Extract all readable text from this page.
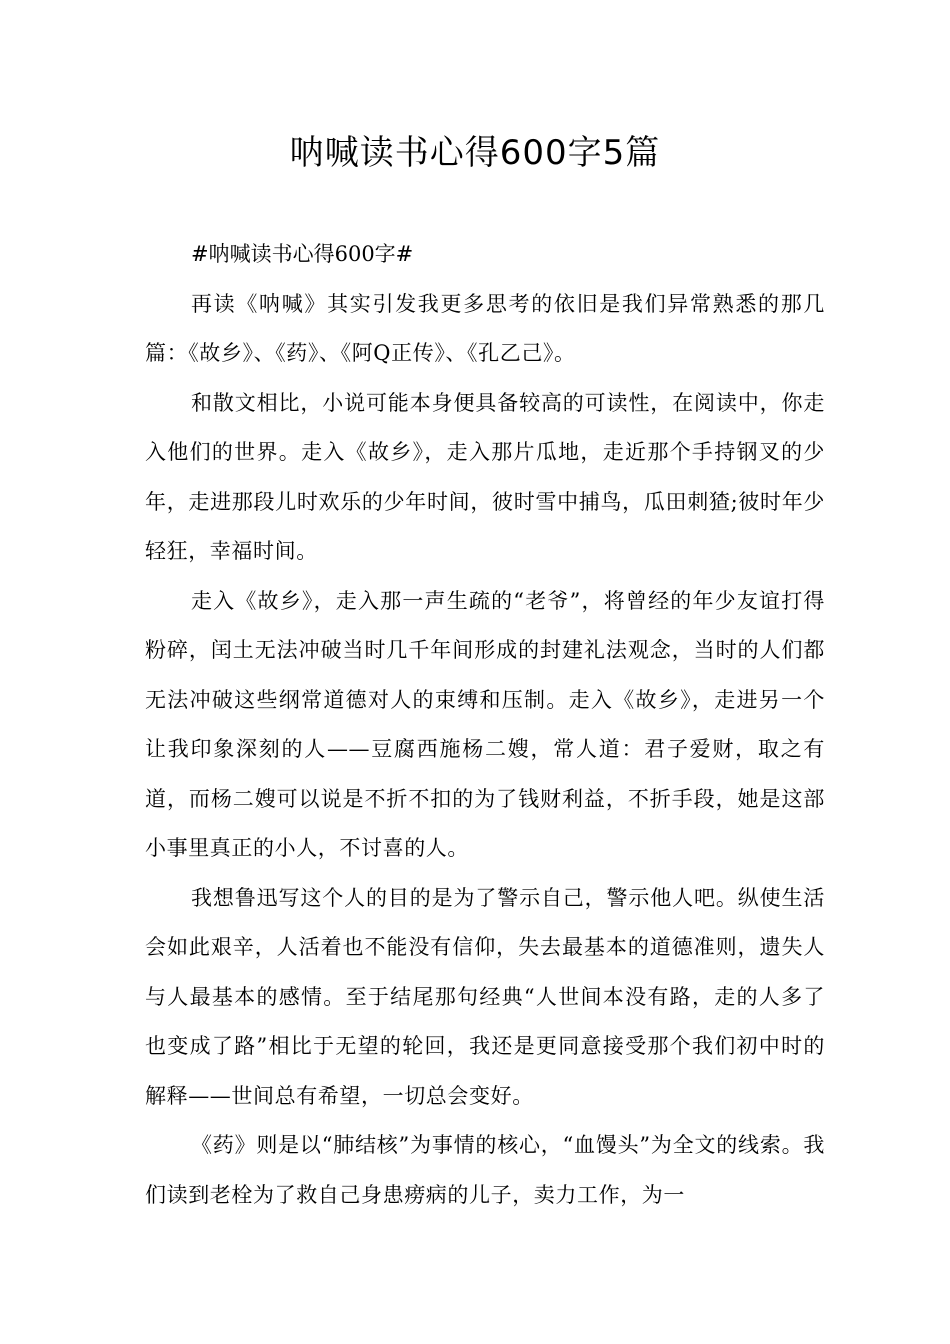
呐喊读书心得600字5篇

#呐喊读书心得600字#

再读《呐喊》其实引发我更多思考的依旧是我们异常熟悉的那几篇：《故乡》、《药》、《阿Q正传》、《孔乙己》。

和散文相比，小说可能本身便具备较高的可读性，在阅读中，你走入他们的世界。走入《故乡》，走入那片瓜地，走近那个手持钢叉的少年，走进那段儿时欢乐的少年时间，彼时雪中捕鸟，瓜田刺猹;彼时年少轻狂，幸福时间。

走入《故乡》，走入那一声生疏的“老爷”，将曾经的年少友谊打得粉碎，闰土无法冲破当时几千年间形成的封建礼法观念，当时的人们都无法冲破这些纲常道德对人的束缚和压制。走入《故乡》，走进另一个让我印象深刻的人——豆腐西施杨二嫂，常人道：君子爱财，取之有道，而杨二嫂可以说是不折不扣的为了钱财利益，不折手段，她是这部小事里真正的小人，不讨喜的人。

我想鲁迅写这个人的目的是为了警示自己，警示他人吧。纵使生活会如此艰辛，人活着也不能没有信仰，失去最基本的道德准则，遗失人与人最基本的感情。至于结尾那句经典“人世间本没有路，走的人多了也变成了路”相比于无望的轮回，我还是更同意接受那个我们初中时的解释——世间总有希望，一切总会变好。

《药》则是以“肺结核”为事情的核心，“血馒头”为全文的线索。我们读到老栓为了救自己身患痨病的儿子，卖力工作，为一
